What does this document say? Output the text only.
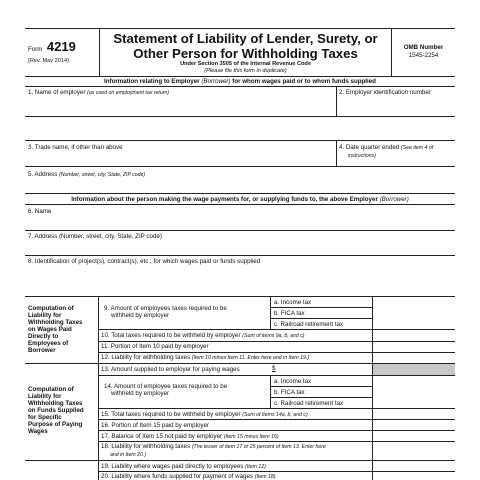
Form 4219
(Rev. May 2014)
Statement of Liability of Lender, Surety, or
Other Person for Withholding Taxes
Under Section 3505 of the Internal Revenue Code
(Please file this form in duplicate)
OMB Number
1545-2254
Information relating to Employer (Borrower) for whom wages paid or to whom funds supplied
1. Name of employer (as used on employment tax return)	2. Employer identification number
3. Trade name, if other than above	4. Date quarter ended (See item 4 of
instructions)
5. Address (Number, street, city, State, ZIP code)
Information about the person making the wage payments for, or supplying funds to, the above Employer (Borrower)
6. Name
7. Address (Number, street, city, State, ZIP code)
8. Identification of project(s), contract(s), etc., for which wages paid or funds supplied
Computation of
Liability for
Withholding Taxes
on Wages Paid
Directly to
Employees of
Borrower
9. Amount of employees taxes required to be
withheld by employer
a. Income tax
b. FICA tax
c. Railroad retirement tax
10. Total taxes required to be withheld by employer (Sum of items 9a, b, and c)
11. Portion of Item 10 paid by employer
12. Liability for withholding taxes (Item 10 minus Item 11. Enter here and in Item 19.)
Computation of
Liability for
Withholding Taxes
on Funds Supplied
for Specific
Purpose of Paying
Wages
13. Amount supplied to employer for paying wages	$
14. Amount of employee taxes required to be
withheld by employer
a. Income tax
b. FICA tax
c. Railroad retirement tax
15. Total taxes required to be withheld by employer (Sum of Items 14a, b, and c)
16. Portion of Item 15 paid by employer
17. Balance of Item 15 not paid by employer (Item 15 minus Item 16)
18. Liability for withholding taxes (The lesser of Item 17 or 25 percent of Item 13. Enter here
and in Item 20.)
19. Liability where wages paid directly to employees (Item 12)
20. Liability where funds supplied for payment of wages (Item 18)
